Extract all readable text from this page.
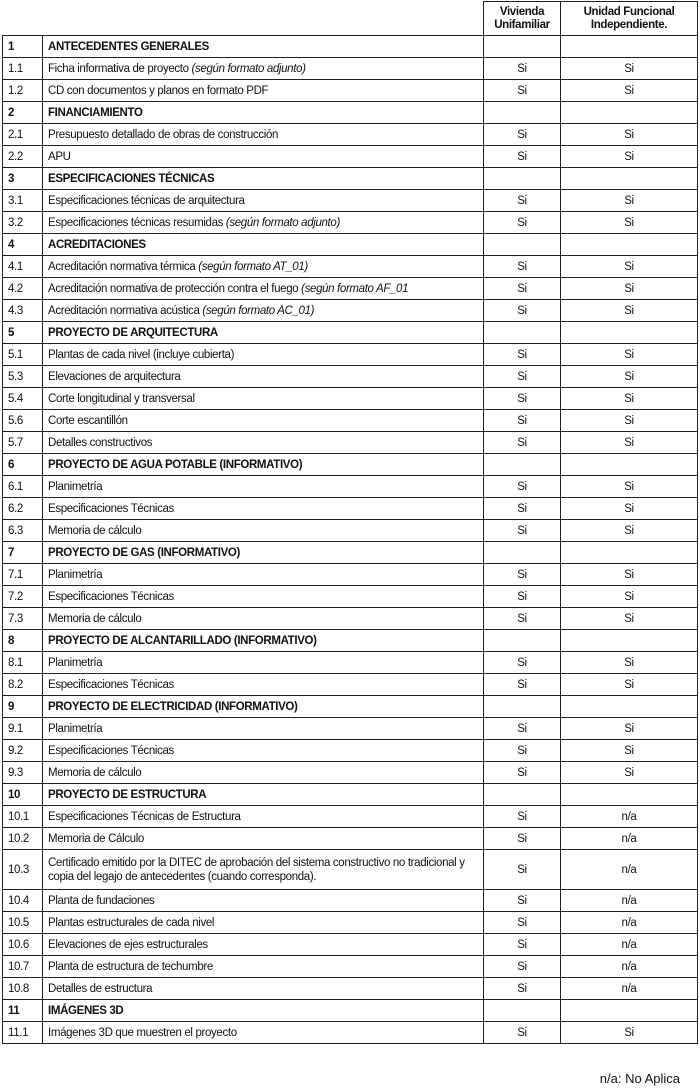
		Vivienda Unifamiliar	Unidad Funcional Independiente.
1	ANTECEDENTES GENERALES		
1.1	Ficha informativa de proyecto (según formato adjunto)	Si	Si
1.2	CD con documentos y planos en formato PDF	Si	Si
2	FINANCIAMIENTO		
2.1	Presupuesto detallado de obras de construcción	Si	Si
2.2	APU	Si	Si
3	ESPECIFICACIONES TÉCNICAS		
3.1	Especificaciones técnicas de arquitectura	Si	Si
3.2	Especificaciones técnicas resumidas (según formato adjunto)	Si	Si
4	ACREDITACIONES		
4.1	Acreditación normativa térmica (según formato AT_01)	Si	Si
4.2	Acreditación normativa de protección contra el fuego (según formato AF_01	Si	Si
4.3	Acreditación normativa acústica (según formato AC_01)	Si	Si
5	PROYECTO DE ARQUITECTURA		
5.1	Plantas de cada nivel (incluye cubierta)	Si	Si
5.3	Elevaciones de arquitectura	Si	Si
5.4	Corte longitudinal y transversal	Si	Si
5.6	Corte escantillón	Si	Si
5.7	Detalles constructivos	Si	Si
6	PROYECTO DE AGUA POTABLE (INFORMATIVO)		
6.1	Planimetría	Si	Si
6.2	Especificaciones Técnicas	Si	Si
6.3	Memoria de cálculo	Si	Si
7	PROYECTO DE GAS (INFORMATIVO)		
7.1	Planimetría	Si	Si
7.2	Especificaciones Técnicas	Si	Si
7.3	Memoria de cálculo	Si	Si
8	PROYECTO DE ALCANTARILLADO (INFORMATIVO)		
8.1	Planimetría	Si	Si
8.2	Especificaciones Técnicas	Si	Si
9	PROYECTO DE ELECTRICIDAD (INFORMATIVO)		
9.1	Planimetría	Si	Si
9.2	Especificaciones Técnicas	Si	Si
9.3	Memoria de cálculo	Si	Si
10	PROYECTO DE ESTRUCTURA		
10.1	Especificaciones Técnicas de Estructura	Si	n/a
10.2	Memoria de Cálculo	Si	n/a
10.3	Certificado emitido por la DITEC de aprobación del sistema constructivo no tradicional y copia del legajo de antecedentes (cuando corresponda).	Si	n/a
10.4	Planta de fundaciones	Si	n/a
10.5	Plantas estructurales de cada nivel	Si	n/a
10.6	Elevaciones de ejes estructurales	Si	n/a
10.7	Planta de estructura de techumbre	Si	n/a
10.8	Detalles de estructura	Si	n/a
11	IMÁGENES 3D		
11.1	Imágenes 3D que muestren el proyecto	Si	Si
n/a: No Aplica
